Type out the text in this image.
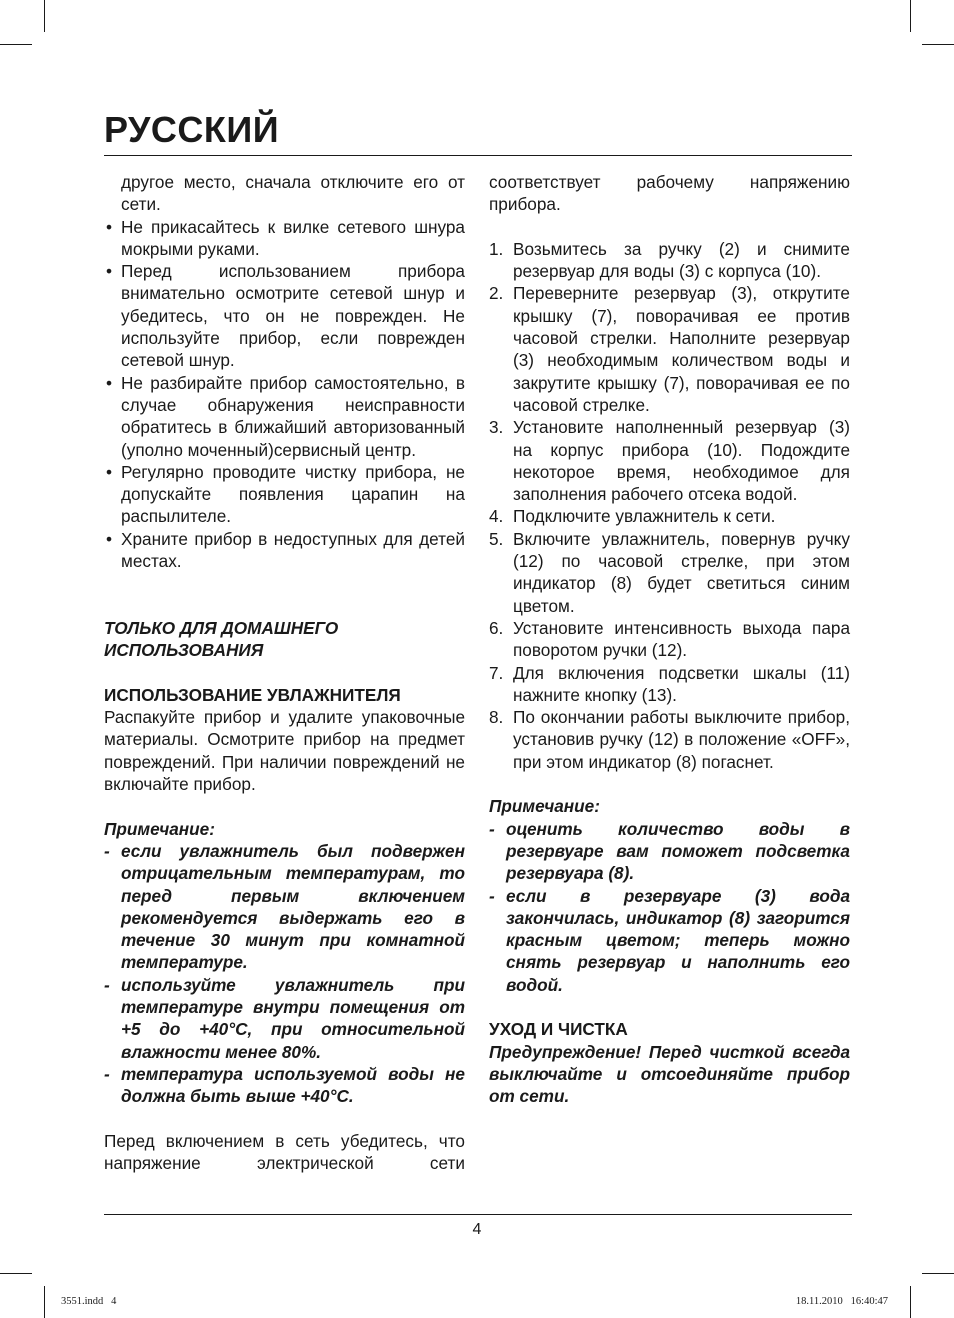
РУССКИЙ

другое место, сначала отключите его от сети.

• Не прикасайтесь к вилке сетевого шнура мокрыми руками.
• Перед использованием прибора внимательно осмотрите сетевой шнур и убедитесь, что он не поврежден. Не используйте прибор, если поврежден сетевой шнур.
• Не разбирайте прибор самостоятельно, в случае обнаружения неисправности обратитесь в ближайший авторизованный (уполно моченный)сервисный центр.
• Регулярно проводите чистку прибора, не допускайте появления царапин на распылителе.
• Храните прибор в недоступных для детей местах.

ТОЛЬКО ДЛЯ ДОМАШНЕГО ИСПОЛЬЗОВАНИЯ

ИСПОЛЬЗОВАНИЕ УВЛАЖНИТЕЛЯ

Распакуйте прибор и удалите упаковочные материалы. Осмотрите прибор на предмет повреждений. При наличии повреждений не включайте прибор.

Примечание:

- если увлажнитель был подвержен отрицательным температурам, то перед первым включением рекомендуется выдержать его в течение 30 минут при комнатной температуре.
- используйте увлажнитель при температуре внутри помещения от +5 до +40°С, при относительной влажности менее 80%.
- температура используемой воды не должна быть выше +40°С.

Перед включением в сеть убедитесь, что напряжение электрической сети

соответствует рабочему напряжению прибора.

1. Возьмитесь за ручку (2) и снимите резервуар для воды (3) с корпуса (10).
2. Переверните резервуар (3), открутите крышку (7), поворачивая ее против часовой стрелки. Наполните резервуар (3) необходимым количеством воды и закрутите крышку (7), поворачивая ее по часовой стрелке.
3. Установите наполненный резервуар (3) на корпус прибора (10). Подождите некоторое время, необходимое для заполнения рабочего отсека водой.
4. Подключите увлажнитель к сети.
5. Включите увлажнитель, повернув ручку (12) по часовой стрелке, при этом индикатор (8) будет светиться синим цветом.
6. Установите интенсивность выхода пара поворотом ручки (12).
7. Для включения подсветки шкалы (11) нажните кнопку (13).
8. По окончании работы выключите прибор, установив ручку (12) в положение «OFF», при этом индикатор (8) погаснет.

Примечание:

- оценить количество воды в резервуаре вам поможет подсветка резервуара (8).
- если в резервуаре (3) вода закончилась, индикатор (8) загорится красным цветом; теперь можно снять резервуар и наполнить его водой.

УХОД И ЧИСТКА

Предупреждение! Перед чисткой всегда выключайте и отсоединяйте прибор от сети.

4
3551.indd   4	18.11.2010   16:40:47
